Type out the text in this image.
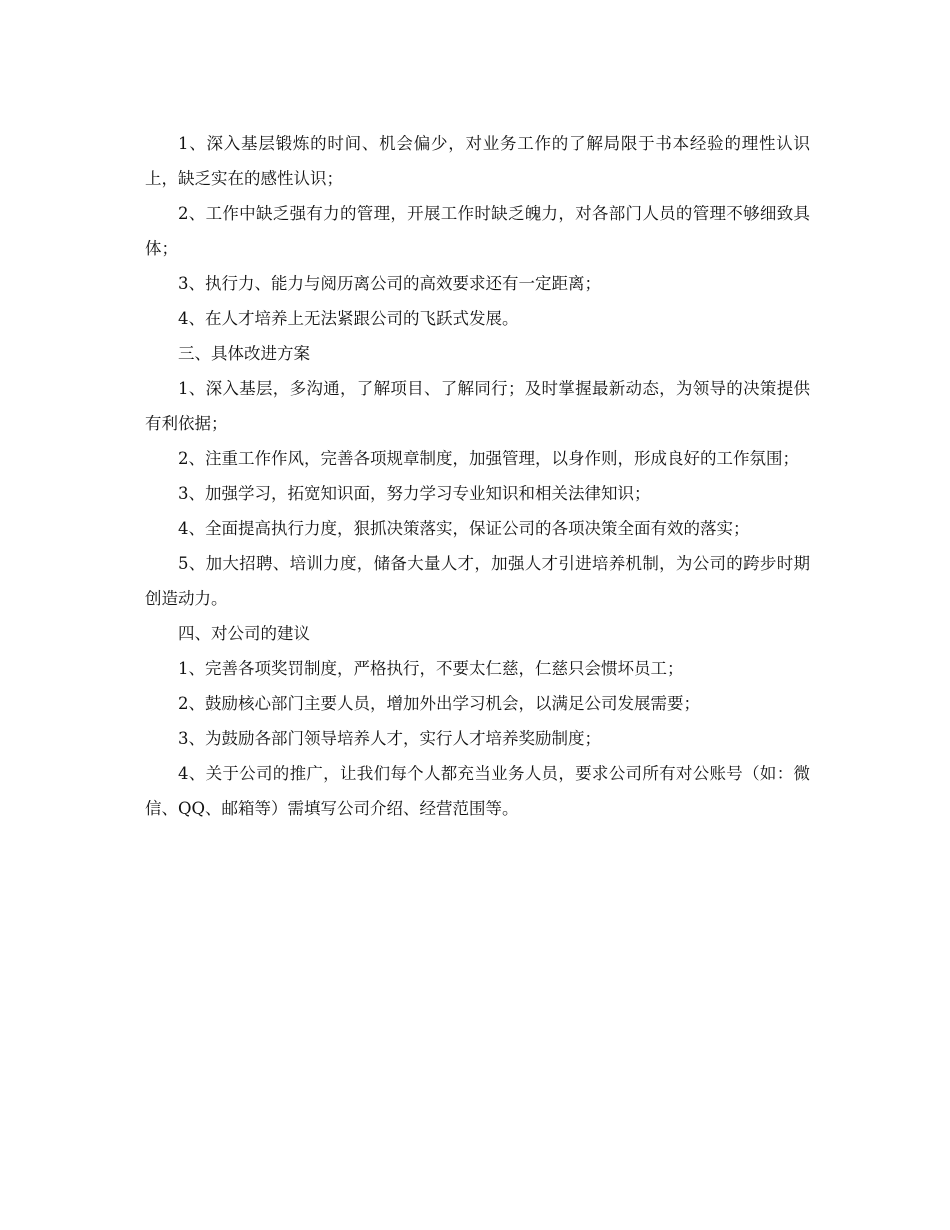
1、深入基层锻炼的时间、机会偏少，对业务工作的了解局限于书本经验的理性认识上，缺乏实在的感性认识；

2、工作中缺乏强有力的管理，开展工作时缺乏魄力，对各部门人员的管理不够细致具体；

3、执行力、能力与阅历离公司的高效要求还有一定距离；

4、在人才培养上无法紧跟公司的飞跃式发展。

三、具体改进方案

1、深入基层，多沟通，了解项目、了解同行；及时掌握最新动态，为领导的决策提供有利依据；

2、注重工作作风，完善各项规章制度，加强管理，以身作则，形成良好的工作氛围；

3、加强学习，拓宽知识面，努力学习专业知识和相关法律知识；

4、全面提高执行力度，狠抓决策落实，保证公司的各项决策全面有效的落实；

5、加大招聘、培训力度，储备大量人才，加强人才引进培养机制，为公司的跨步时期创造动力。

四、对公司的建议

1、完善各项奖罚制度，严格执行，不要太仁慈，仁慈只会惯坏员工；

2、鼓励核心部门主要人员，增加外出学习机会，以满足公司发展需要；

3、为鼓励各部门领导培养人才，实行人才培养奖励制度；

4、关于公司的推广，让我们每个人都充当业务人员，要求公司所有对公账号（如：微信、QQ、邮箱等）需填写公司介绍、经营范围等。
